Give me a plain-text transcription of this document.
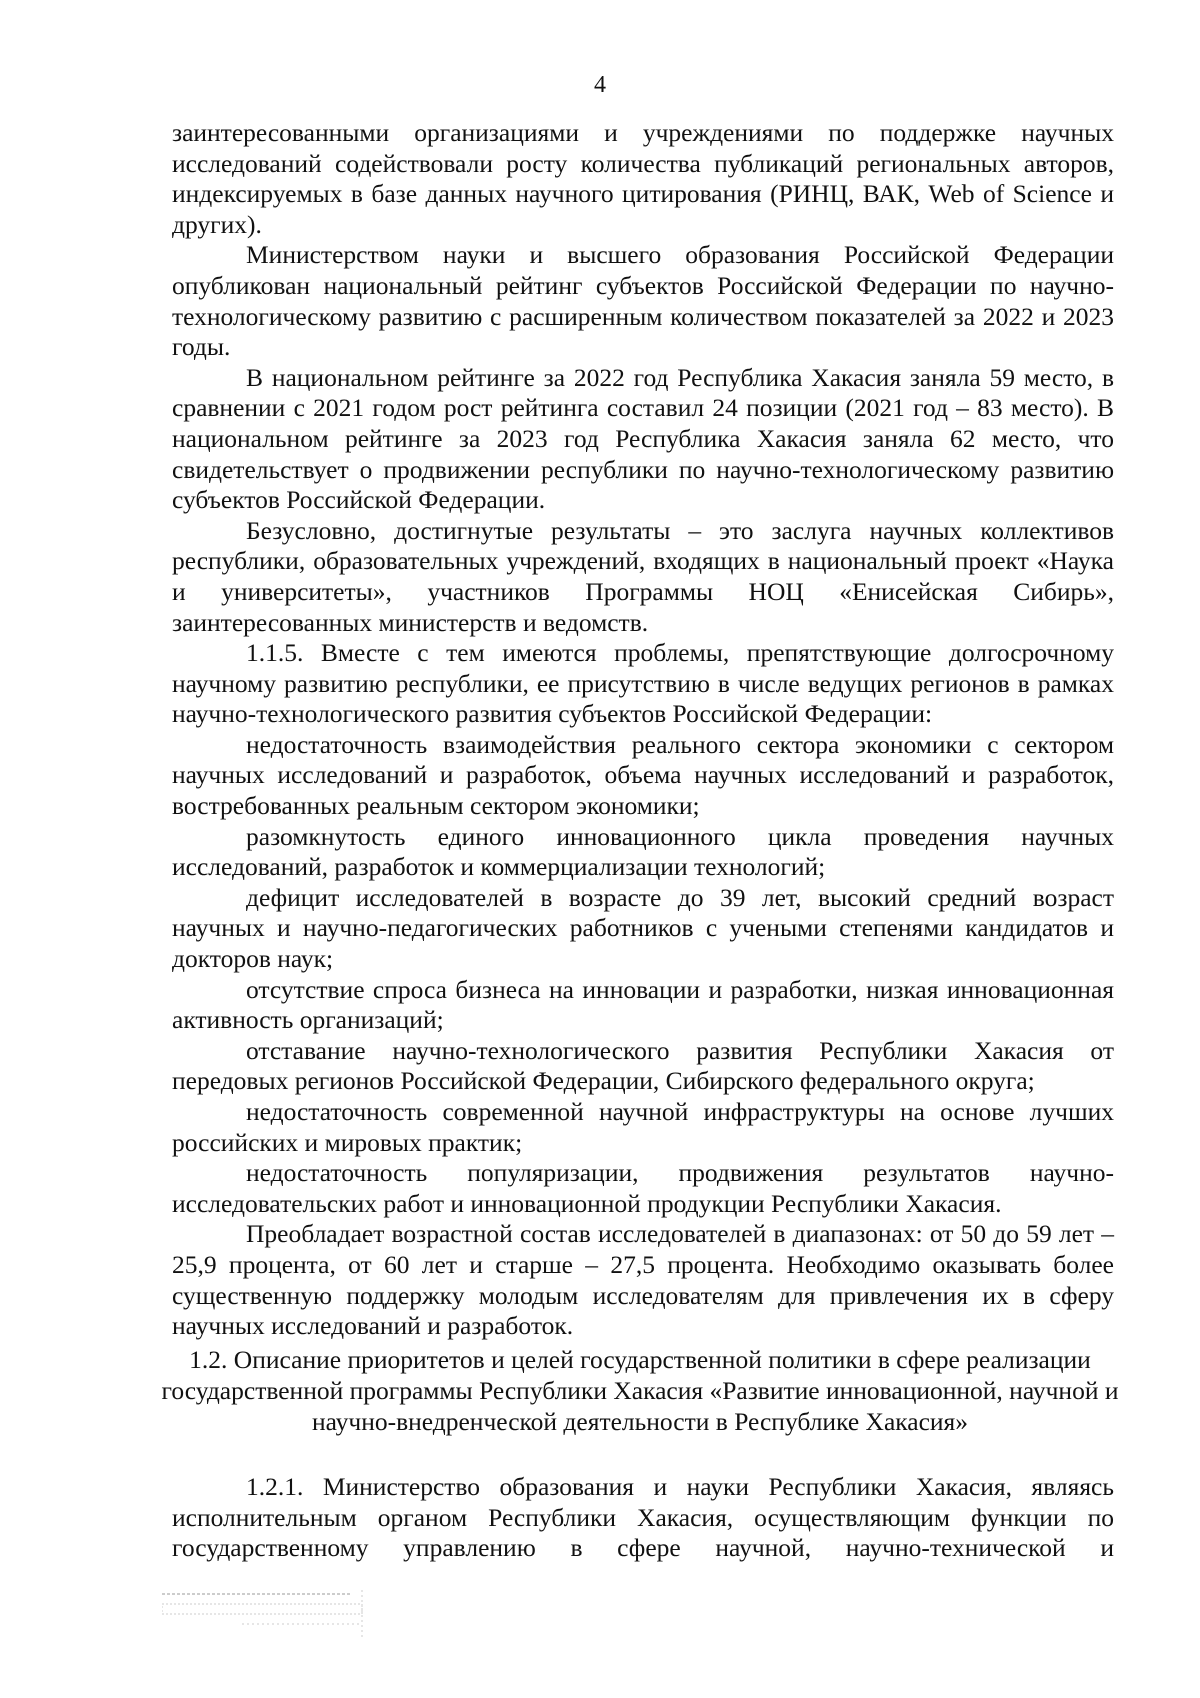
4

заинтересованными организациями и учреждениями по поддержке научных исследований содействовали росту количества публикаций региональных авторов, индексируемых в базе данных научного цитирования (РИНЦ, ВАК, Web of Science и других).

Министерством науки и высшего образования Российской Федерации опубликован национальный рейтинг субъектов Российской Федерации по научно-технологическому развитию с расширенным количеством показателей за 2022 и 2023 годы.

В национальном рейтинге за 2022 год Республика Хакасия заняла 59 место, в сравнении с 2021 годом рост рейтинга составил 24 позиции (2021 год – 83 место). В национальном рейтинге за 2023 год Республика Хакасия заняла 62 место, что свидетельствует о продвижении республики по научно-технологическому развитию субъектов Российской Федерации.

Безусловно, достигнутые результаты – это заслуга научных коллективов республики, образовательных учреждений, входящих в национальный проект «Наука и университеты», участников Программы НОЦ «Енисейская Сибирь», заинтересованных министерств и ведомств.

1.1.5. Вместе с тем имеются проблемы, препятствующие долгосрочному научному развитию республики, ее присутствию в числе ведущих регионов в рамках научно-технологического развития субъектов Российской Федерации:

недостаточность взаимодействия реального сектора экономики с сектором научных исследований и разработок, объема научных исследований и разработок, востребованных реальным сектором экономики;

разомкнутость единого инновационного цикла проведения научных исследований, разработок и коммерциализации технологий;

дефицит исследователей в возрасте до 39 лет, высокий средний возраст научных и научно-педагогических работников с учеными степенями кандидатов и докторов наук;

отсутствие спроса бизнеса на инновации и разработки, низкая инновационная активность организаций;

отставание научно-технологического развития Республики Хакасия от передовых регионов Российской Федерации, Сибирского федерального округа;

недостаточность современной научной инфраструктуры на основе лучших российских и мировых практик;

недостаточность популяризации, продвижения результатов научно-исследовательских работ и инновационной продукции Республики Хакасия.

Преобладает возрастной состав исследователей в диапазонах: от 50 до 59 лет – 25,9 процента, от 60 лет и старше – 27,5 процента. Необходимо оказывать более существенную поддержку молодым исследователям для привлечения их в сферу научных исследований и разработок.

1.2. Описание приоритетов и целей государственной политики в сфере реализации государственной программы Республики Хакасия «Развитие инновационной, научной и научно-внедренческой деятельности в Республике Хакасия»

1.2.1. Министерство образования и науки Республики Хакасия, являясь исполнительным органом Республики Хакасия, осуществляющим функции по государственному управлению в сфере научной, научно-технической и
